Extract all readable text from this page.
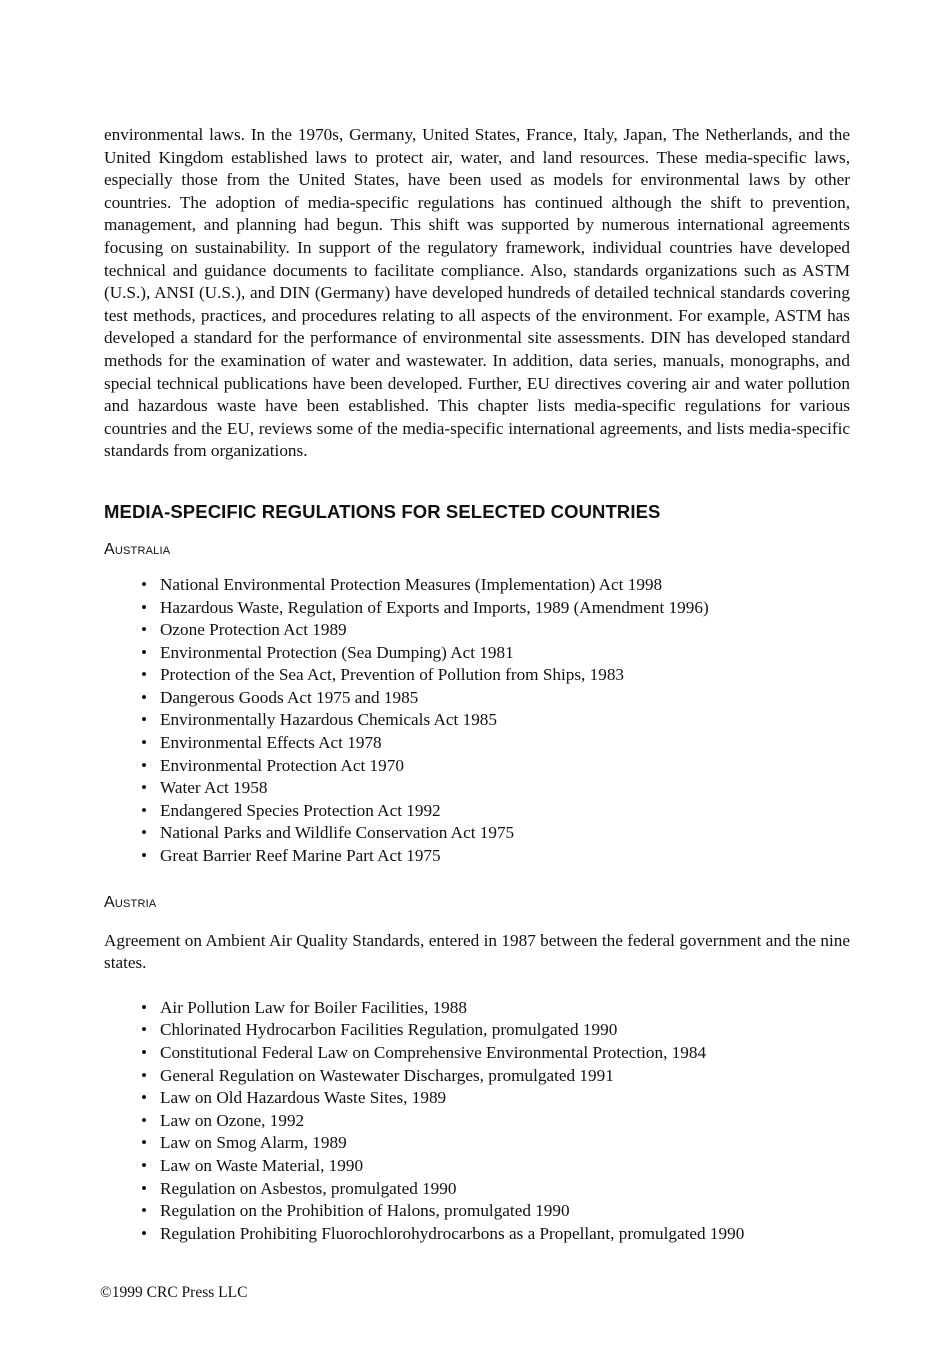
environmental laws. In the 1970s, Germany, United States, France, Italy, Japan, The Netherlands, and the United Kingdom established laws to protect air, water, and land resources. These media-specific laws, especially those from the United States, have been used as models for environmental laws by other countries. The adoption of media-specific regulations has continued although the shift to prevention, management, and planning had begun. This shift was supported by numerous international agreements focusing on sustainability. In support of the regulatory framework, individual countries have developed technical and guidance documents to facilitate compliance. Also, standards organizations such as ASTM (U.S.), ANSI (U.S.), and DIN (Germany) have developed hundreds of detailed technical standards covering test methods, practices, and procedures relating to all aspects of the environment. For example, ASTM has developed a standard for the performance of environmental site assessments. DIN has developed standard methods for the examination of water and wastewater. In addition, data series, manuals, monographs, and special technical publications have been developed. Further, EU directives covering air and water pollution and hazardous waste have been established. This chapter lists media-specific regulations for various countries and the EU, reviews some of the media-specific international agreements, and lists media-specific standards from organizations.

MEDIA-SPECIFIC REGULATIONS FOR SELECTED COUNTRIES
Australia
• National Environmental Protection Measures (Implementation) Act 1998
• Hazardous Waste, Regulation of Exports and Imports, 1989 (Amendment 1996)
• Ozone Protection Act 1989
• Environmental Protection (Sea Dumping) Act 1981
• Protection of the Sea Act, Prevention of Pollution from Ships, 1983
• Dangerous Goods Act 1975 and 1985
• Environmentally Hazardous Chemicals Act 1985
• Environmental Effects Act 1978
• Environmental Protection Act 1970
• Water Act 1958
• Endangered Species Protection Act 1992
• National Parks and Wildlife Conservation Act 1975
• Great Barrier Reef Marine Part Act 1975
Austria

Agreement on Ambient Air Quality Standards, entered in 1987 between the federal government and the nine states.

• Air Pollution Law for Boiler Facilities, 1988
• Chlorinated Hydrocarbon Facilities Regulation, promulgated 1990
• Constitutional Federal Law on Comprehensive Environmental Protection, 1984
• General Regulation on Wastewater Discharges, promulgated 1991
• Law on Old Hazardous Waste Sites, 1989
• Law on Ozone, 1992
• Law on Smog Alarm, 1989
• Law on Waste Material, 1990
• Regulation on Asbestos, promulgated 1990
• Regulation on the Prohibition of Halons, promulgated 1990
• Regulation Prohibiting Fluorochlorohydrocarbons as a Propellant, promulgated 1990
©1999 CRC Press LLC
